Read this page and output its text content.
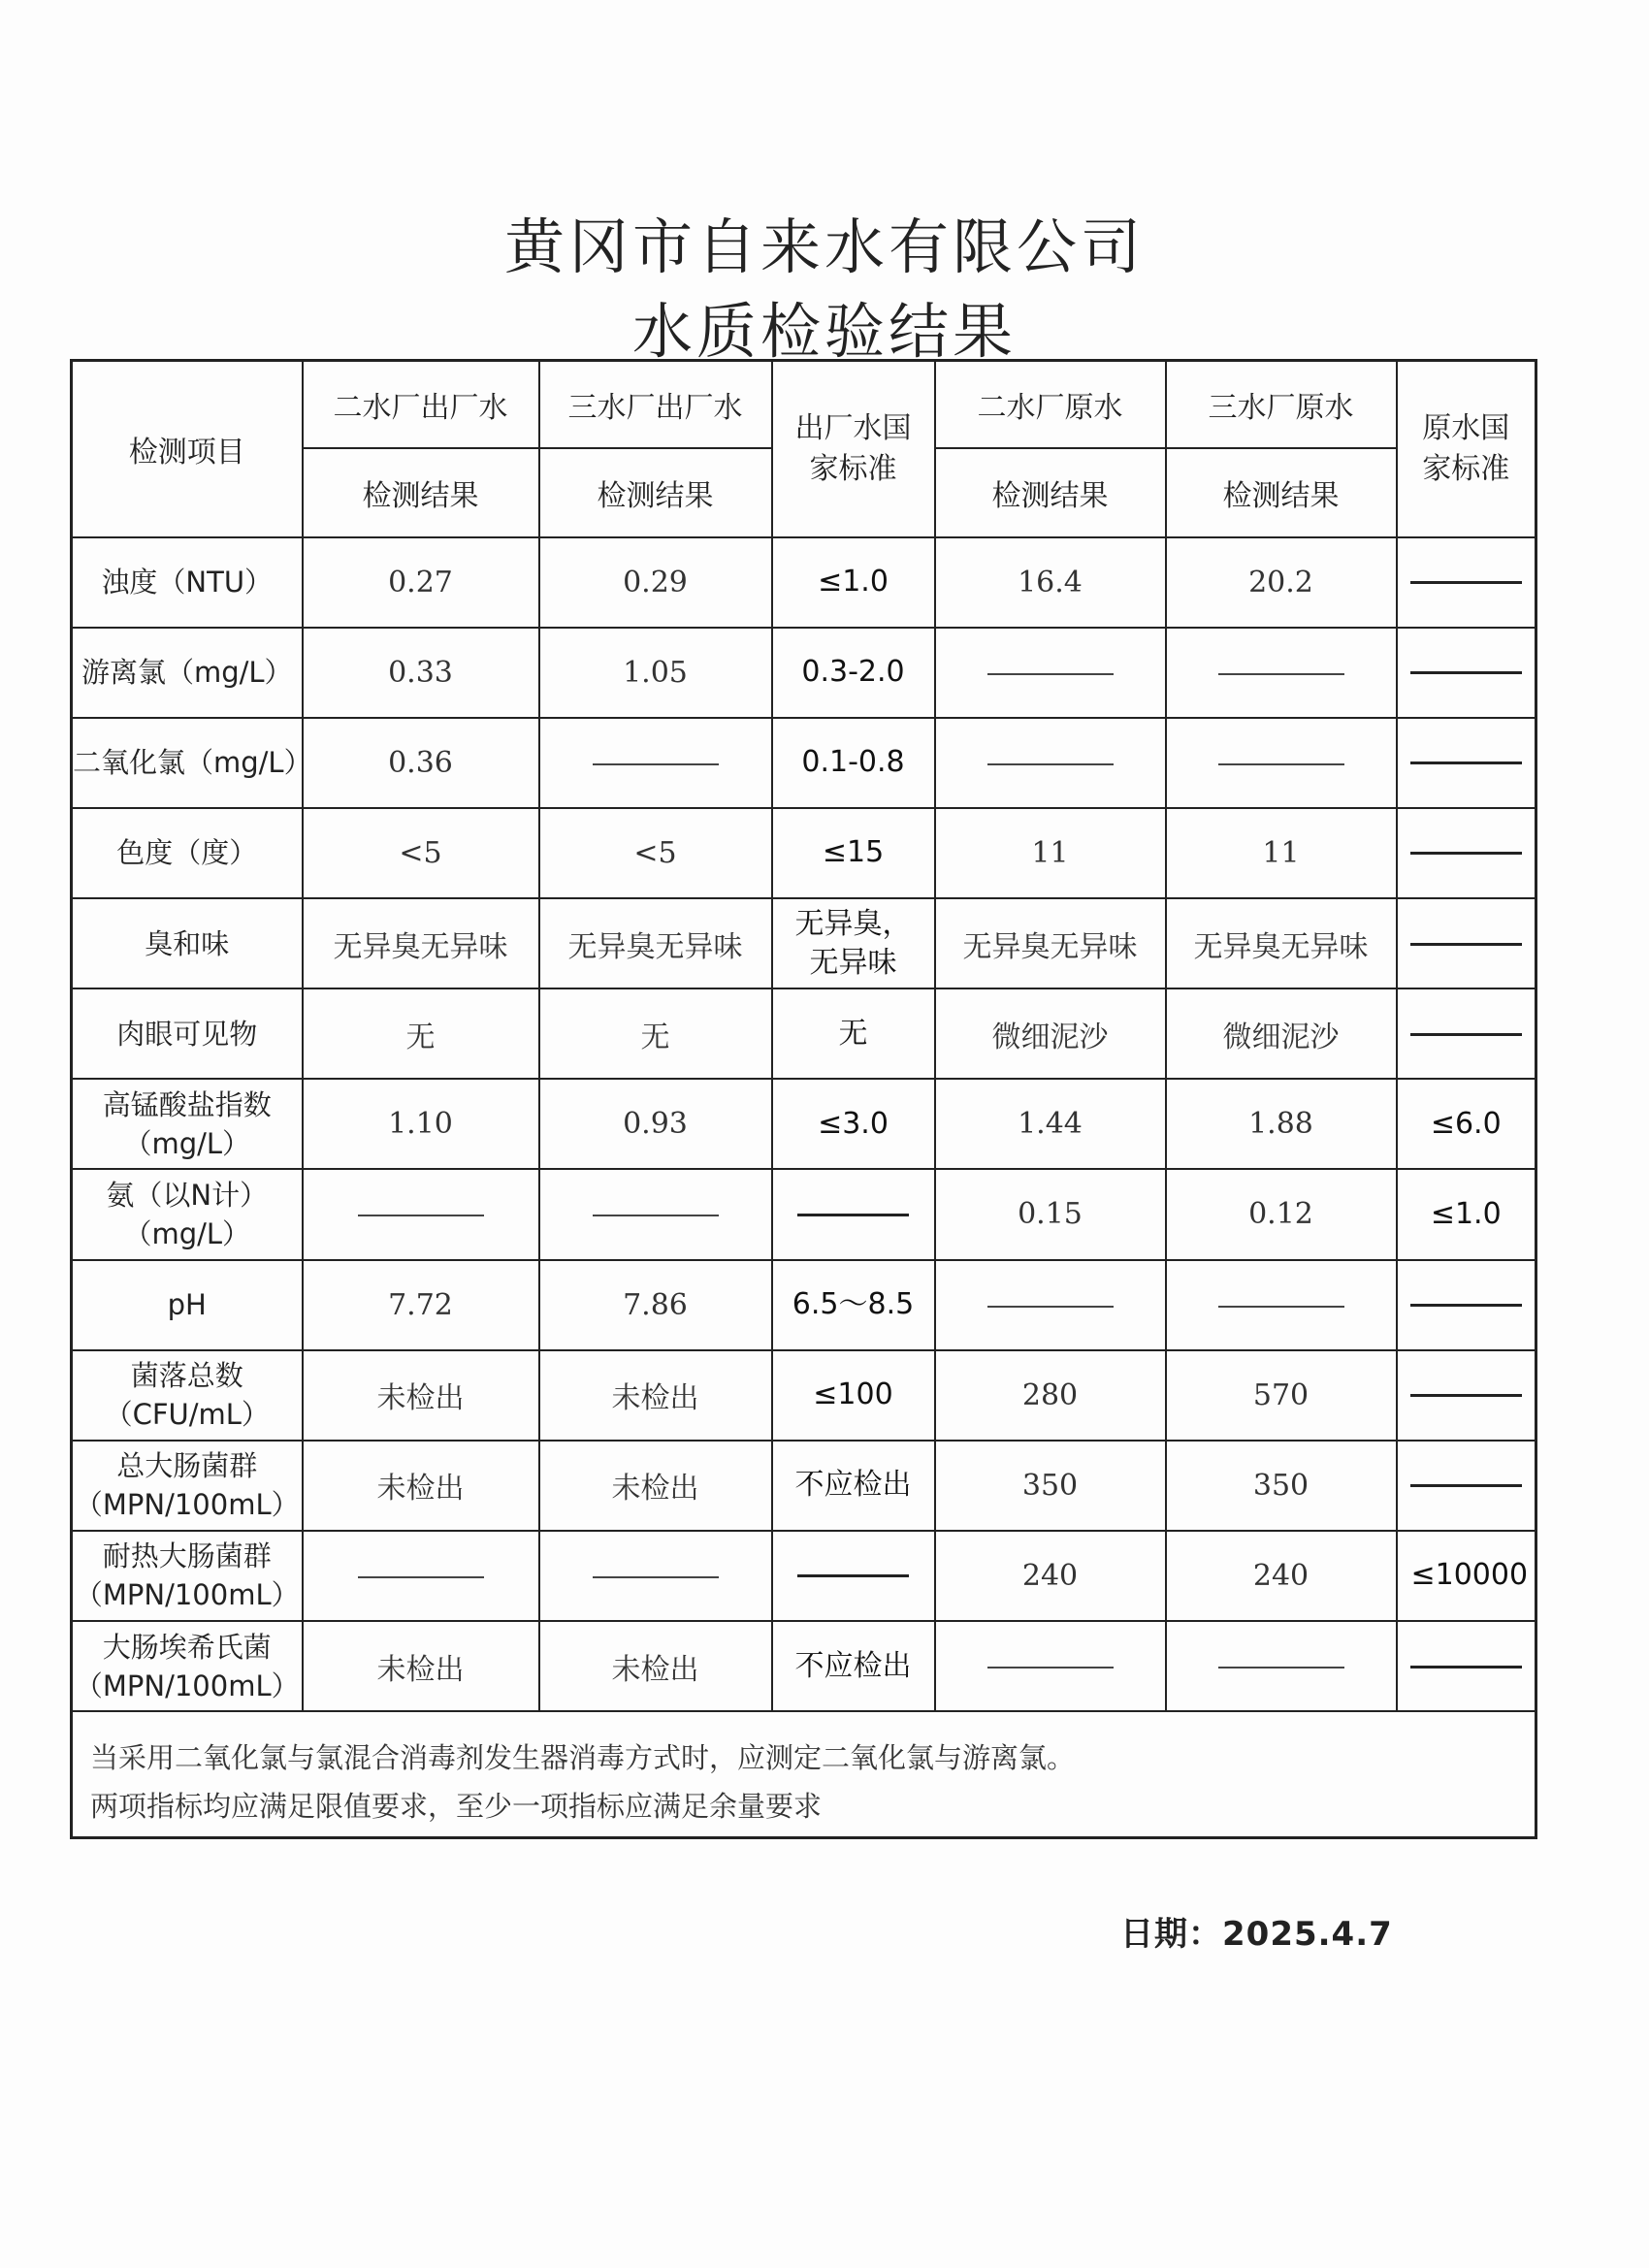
黄冈市自来水有限公司
水质检验结果
检测项目	二水厂出厂水	三水厂出厂水	出厂水国家标准	二水厂原水	三水厂原水	原水国家标准
	检测结果	检测结果		检测结果	检测结果	
浊度（NTU）	0.27	0.29	≤1.0	16.4	20.2	
游离氯（mg/L）	0.33	1.05	0.3-2.0			
二氧化氯（mg/L）	0.36		0.1-0.8			
色度（度）	<5	<5	≤15	11	11	
臭和味	无异臭无异味	无异臭无异味	无异臭，无异味	无异臭无异味	无异臭无异味	
肉眼可见物	无	无	无	微细泥沙	微细泥沙	
高锰酸盐指数（mg/L）	1.10	0.93	≤3.0	1.44	1.88	≤6.0
氨（以N计）（mg/L）				0.15	0.12	≤1.0
pH	7.72	7.86	6.5～8.5			
菌落总数（CFU/mL）	未检出	未检出	≤100	280	570	
总大肠菌群（MPN/100mL）	未检出	未检出	不应检出	350	350	
耐热大肠菌群（MPN/100mL）				240	240	≤10000
大肠埃希氏菌（MPN/100mL）	未检出	未检出	不应检出			

当采用二氧化氯与氯混合消毒剂发生器消毒方式时，应测定二氧化氯与游离氯。
两项指标均应满足限值要求，至少一项指标应满足余量要求						
日期：2025.4.7
